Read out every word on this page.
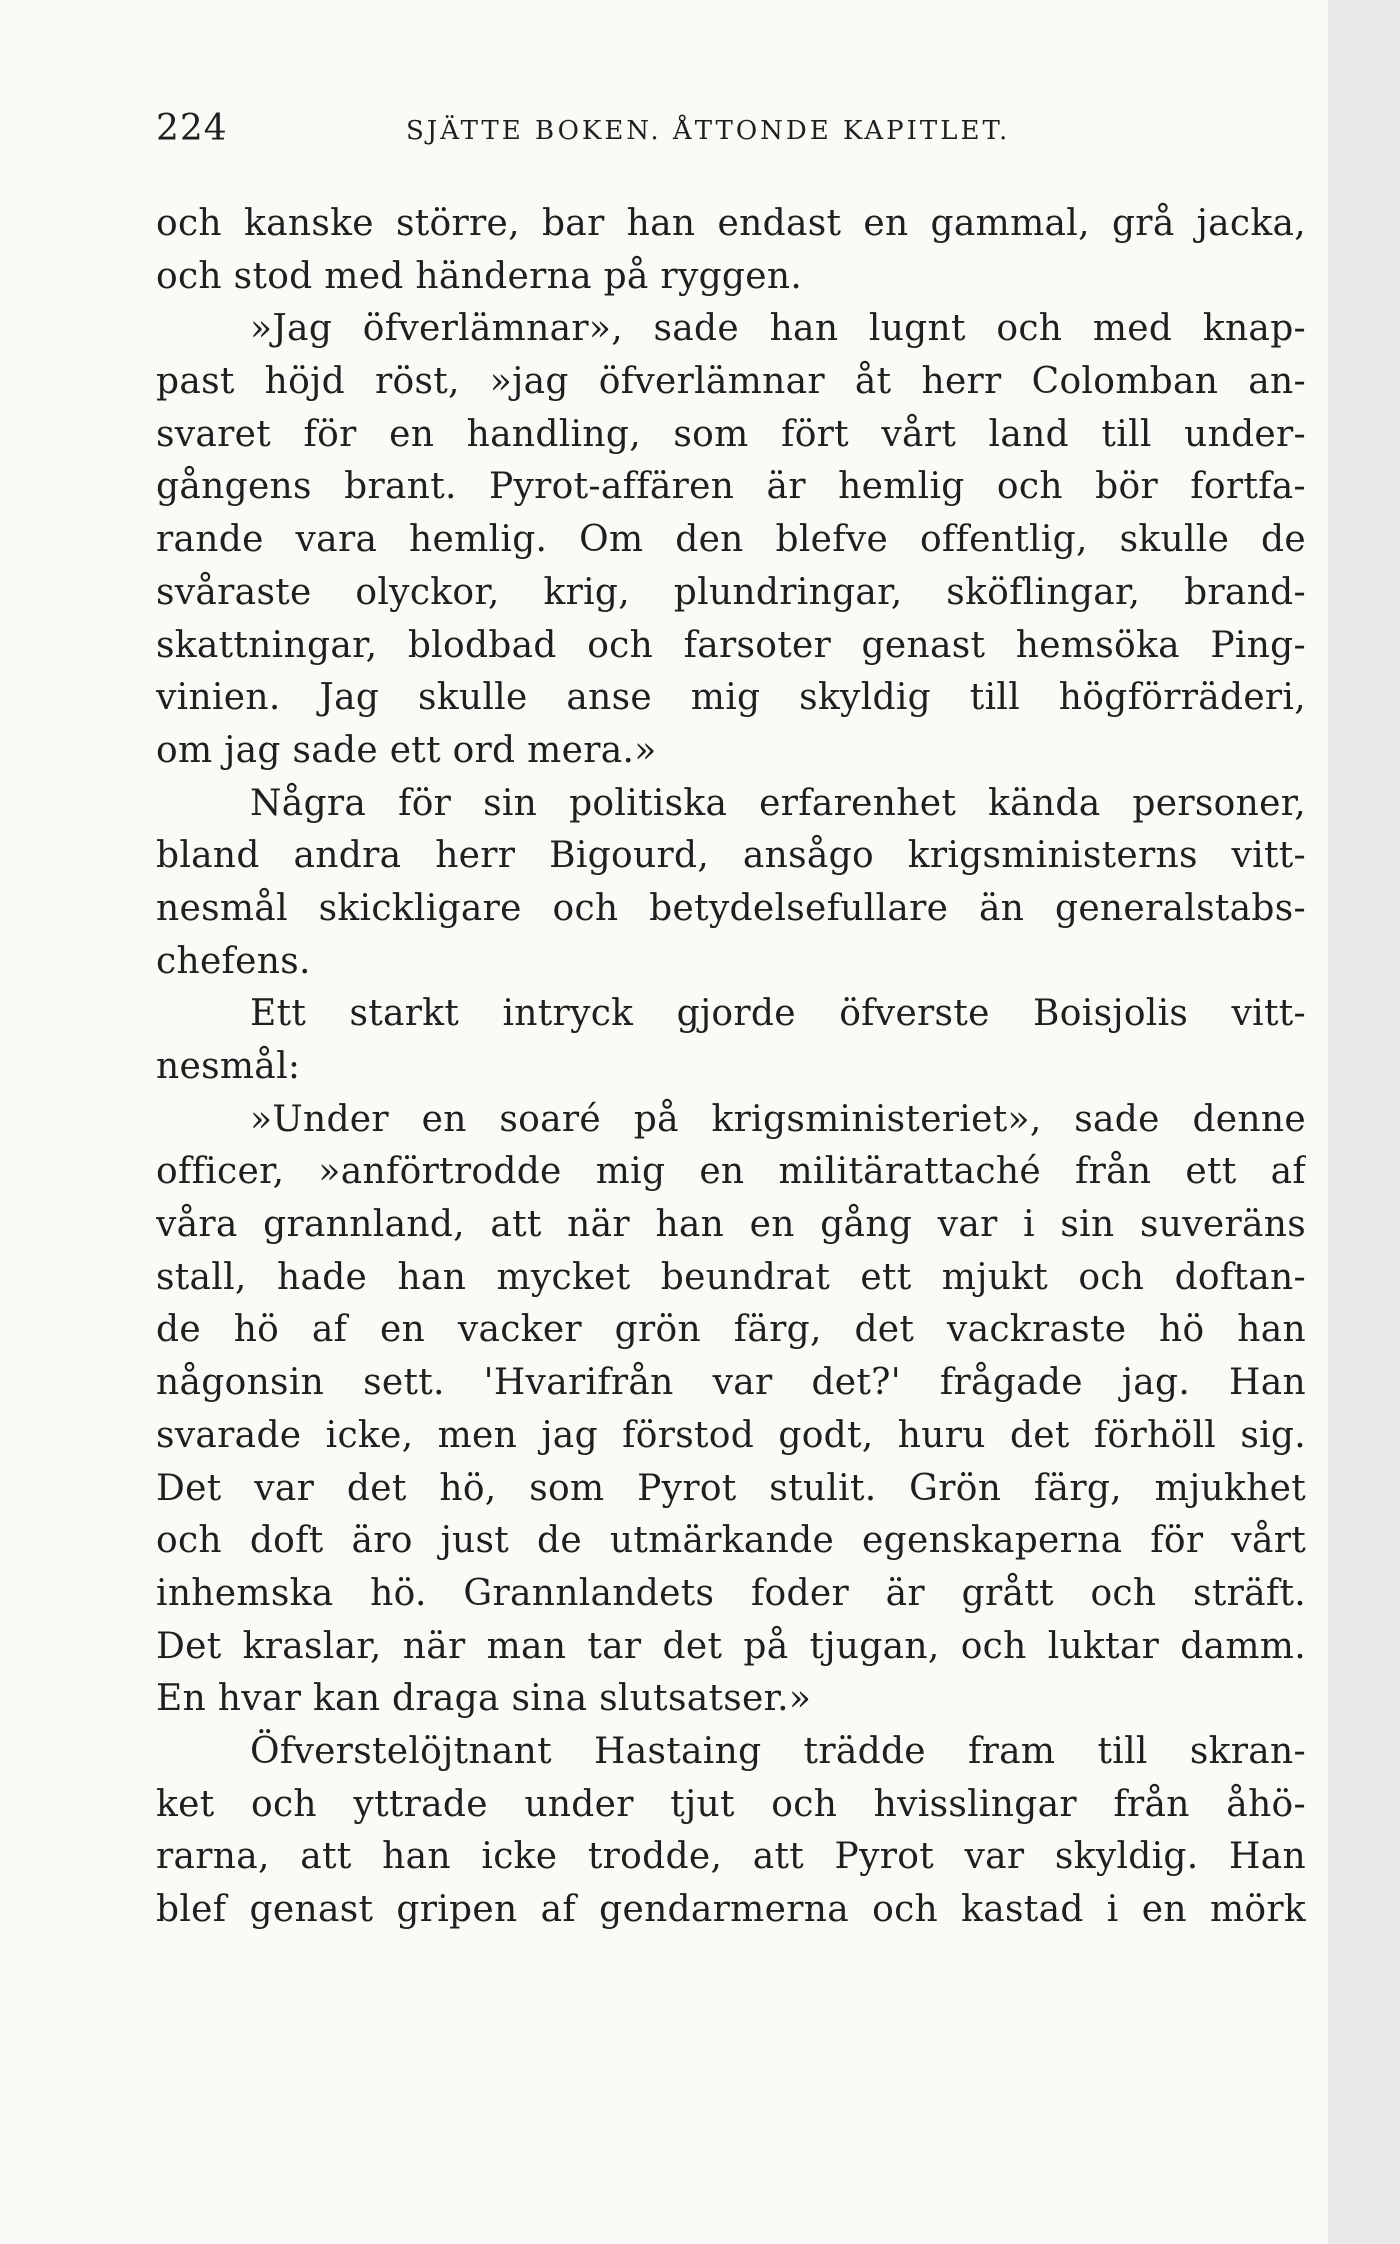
224	SJÄTTE BOKEN. ÅTTONDE KAPITLET.
och kanske större, bar han endast en gammal, grå jacka,
och stod med händerna på ryggen.
»Jag öfverlämnar», sade han lugnt och med knap-
past höjd röst, »jag öfverlämnar åt herr Colomban an-
svaret för en handling, som fört vårt land till under-
gångens brant. Pyrot-affären är hemlig och bör fortfa-
rande vara hemlig. Om den blefve offentlig, skulle de
svåraste olyckor, krig, plundringar, sköflingar, brand-
skattningar, blodbad och farsoter genast hemsöka Ping-
vinien. Jag skulle anse mig skyldig till högförräderi,
om jag sade ett ord mera.»
Några för sin politiska erfarenhet kända personer,
bland andra herr Bigourd, ansågo krigsministerns vitt-
nesmål skickligare och betydelsefullare än generalstabs-
chefens.
Ett starkt intryck gjorde öfverste Boisjolis vitt-
nesmål:
»Under en soaré på krigsministeriet», sade denne
officer, »anförtrodde mig en militärattaché från ett af
våra grannland, att när han en gång var i sin suveräns
stall, hade han mycket beundrat ett mjukt och doftan-
de hö af en vacker grön färg, det vackraste hö han
någonsin sett. 'Hvarifrån var det?' frågade jag. Han
svarade icke, men jag förstod godt, huru det förhöll sig.
Det var det hö, som Pyrot stulit. Grön färg, mjukhet
och doft äro just de utmärkande egenskaperna för vårt
inhemska hö. Grannlandets foder är grått och sträft.
Det kraslar, när man tar det på tjugan, och luktar damm.
En hvar kan draga sina slutsatser.»
Öfverstelöjtnant Hastaing trädde fram till skran-
ket och yttrade under tjut och hvisslingar från åhö-
rarna, att han icke trodde, att Pyrot var skyldig. Han
blef genast gripen af gendarmerna och kastad i en mörk
